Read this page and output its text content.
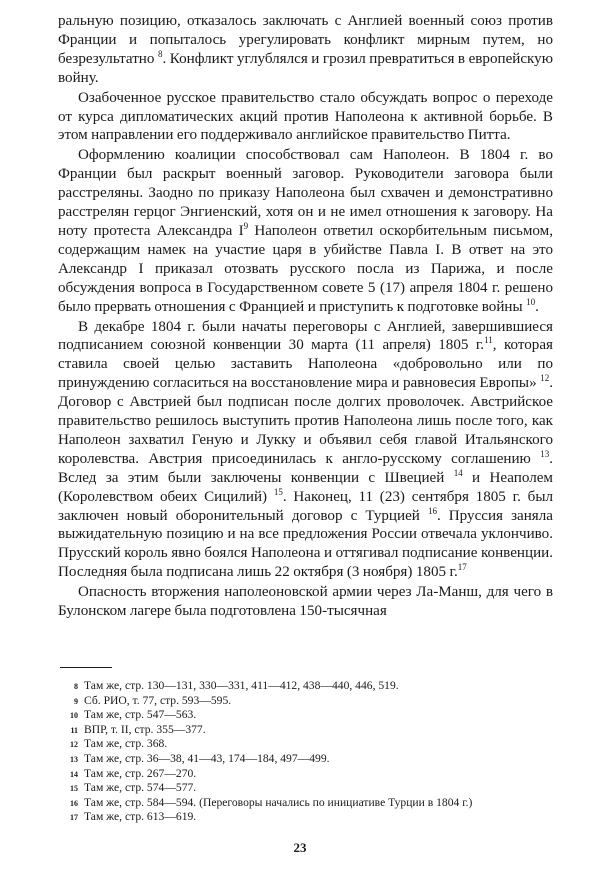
ральную позицию, отказалось заключать с Англией военный союз против Франции и попыталось урегулировать конфликт мирным путем, но безрезультатно $^8$. Конфликт углублялся и грозил превратиться в европейскую войну.

Озабоченное русское правительство стало обсуждать вопрос о переходе от курса дипломатических акций против Наполеона к активной борьбе. В этом направлении его поддерживало английское правительство Питта.

Оформлению коалиции способствовал сам Наполеон. В 1804 г. во Франции был раскрыт военный заговор. Руководители заговора были расстреляны. Заодно по приказу Наполеона был схвачен и демонстративно расстрелян герцог Энгиенский, хотя он и не имел отношения к заговору. На ноту протеста Александра $I^9$ Наполеон ответил оскорбительным письмом, содержащим намек на участие царя в убийстве Павла I. В ответ на это Александр I приказал отозвать русского посла из Парижа, и после обсуждения вопроса в Государственном совете 5 (17) апреля 1804 г. решено было прервать отношения с Францией и приступить к подготовке войны $^{10}$.

В декабре 1804 г. были начаты переговоры с Англией, завершившиеся подписанием союзной конвенции 30 марта (11 апреля) 1805 г.$^{11}$, которая ставила своей целью заставить Наполеона «добровольно или по принуждению согласиться на восстановление мира и равновесия Европы» $^{12}$. Договор с Австрией был подписан после долгих проволочек. Австрийское правительство решилось выступить против Наполеона лишь после того, как Наполеон захватил Геную и Лукку и объявил себя главой Итальянского королевства. Австрия присоединилась к англо-русскому соглашению $^{13}$. Вслед за этим были заключены конвенции с Швецией $^{14}$ и Неаполем (Королевством обеих Сицилий) $^{15}$. Наконец, 11 (23) сентября 1805 г. был заключен новый оборонительный договор с Турцией $^{16}$. Пруссия заняла выжидательную позицию и на все предложения России отвечала уклончиво. Прусский король явно боялся Наполеона и оттягивал подписание конвенции. Последняя была подписана лишь 22 октября (3 ноября) 1805 г.$^{17}$

Опасность вторжения наполеоновской армии через Ла-Манш, для чего в Булонском лагере была подготовлена 150-тысячная

8 Там же, стр. 130—131, 330—331, 411—412, 438—440, 446, 519.
9 Сб. РИО, т. 77, стр. 593—595.
10 Там же, стр. 547—563.
11 ВПР, т. II, стр. 355—377.
12 Там же, стр. 368.
13 Там же, стр. 36—38, 41—43, 174—184, 497—499.
14 Там же, стр. 267—270.
15 Там же, стр. 574—577.
16 Там же, стр. 584—594. (Переговоры начались по инициативе Турции в 1804 г.)
17 Там же, стр. 613—619.
23
